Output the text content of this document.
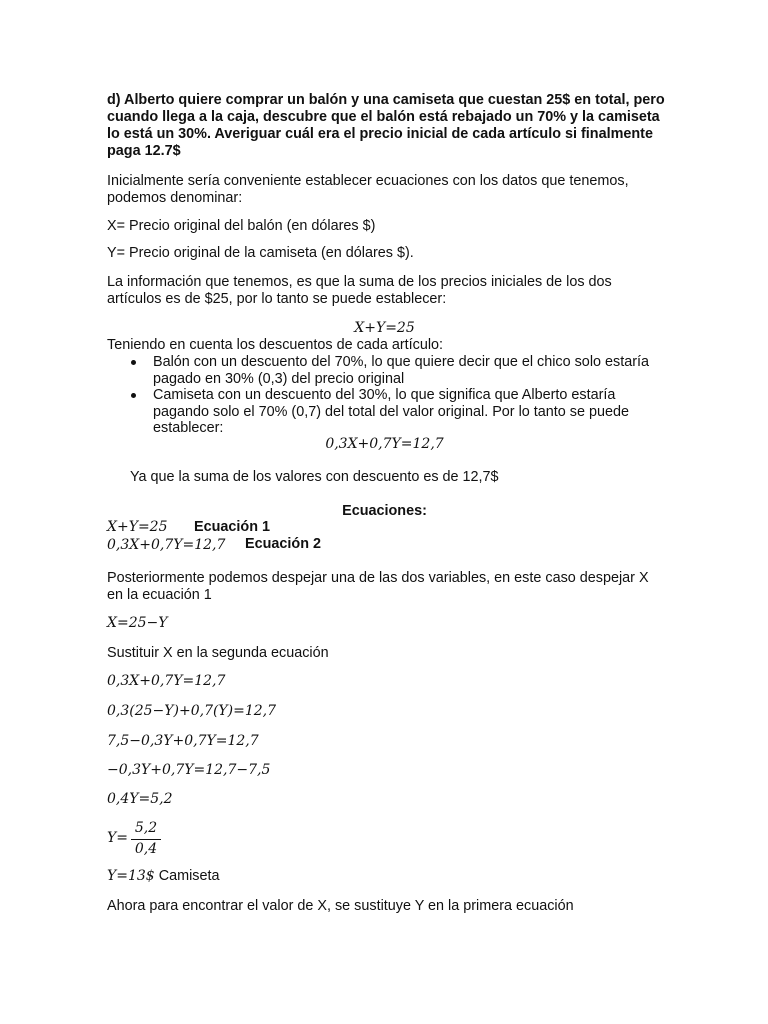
d) Alberto quiere comprar un balón y una camiseta que cuestan 25$ en total, pero cuando llega a la caja, descubre que el balón está rebajado un 70% y la camiseta lo está un 30%. Averiguar cuál era el precio inicial de cada artículo si finalmente paga 12.7$

Inicialmente sería conveniente establecer ecuaciones con los datos que tenemos, podemos denominar:

X= Precio original del balón (en dólares $)

Y= Precio original de la camiseta (en dólares $).

La información que tenemos, es que la suma de los precios iniciales de los dos artículos es de $25, por lo tanto se puede establecer:

X+Y=25

Teniendo en cuenta los descuentos de cada artículo:

Balón con un descuento del 70%, lo que quiere decir que el chico solo estaría pagado en 30% (0,3) del precio original
Camiseta con un descuento del 30%, lo que significa que Alberto estaría pagando solo el 70% (0,7) del total del valor original. Por lo tanto se puede establecer:

0,3X+0,7Y=12,7

Ya que la suma de los valores con descuento es de 12,7$

Ecuaciones:

X+Y=25	Ecuación 1

0,3X+0,7Y=12,7	Ecuación 2

Posteriormente podemos despejar una de las dos variables, en este caso despejar X en la ecuación 1

X=25−Y

Sustituir X en la segunda ecuación

0,3X+0,7Y=12,7

0,3(25−Y)+0,7(Y)=12,7

7,5−0,3Y+0,7Y=12,7

−0,3Y+0,7Y=12,7−7,5

0,4Y=5,2

Y=
5,2
0,4

Y=13$ Camiseta

Ahora para encontrar el valor de X, se sustituye Y en la primera ecuación
